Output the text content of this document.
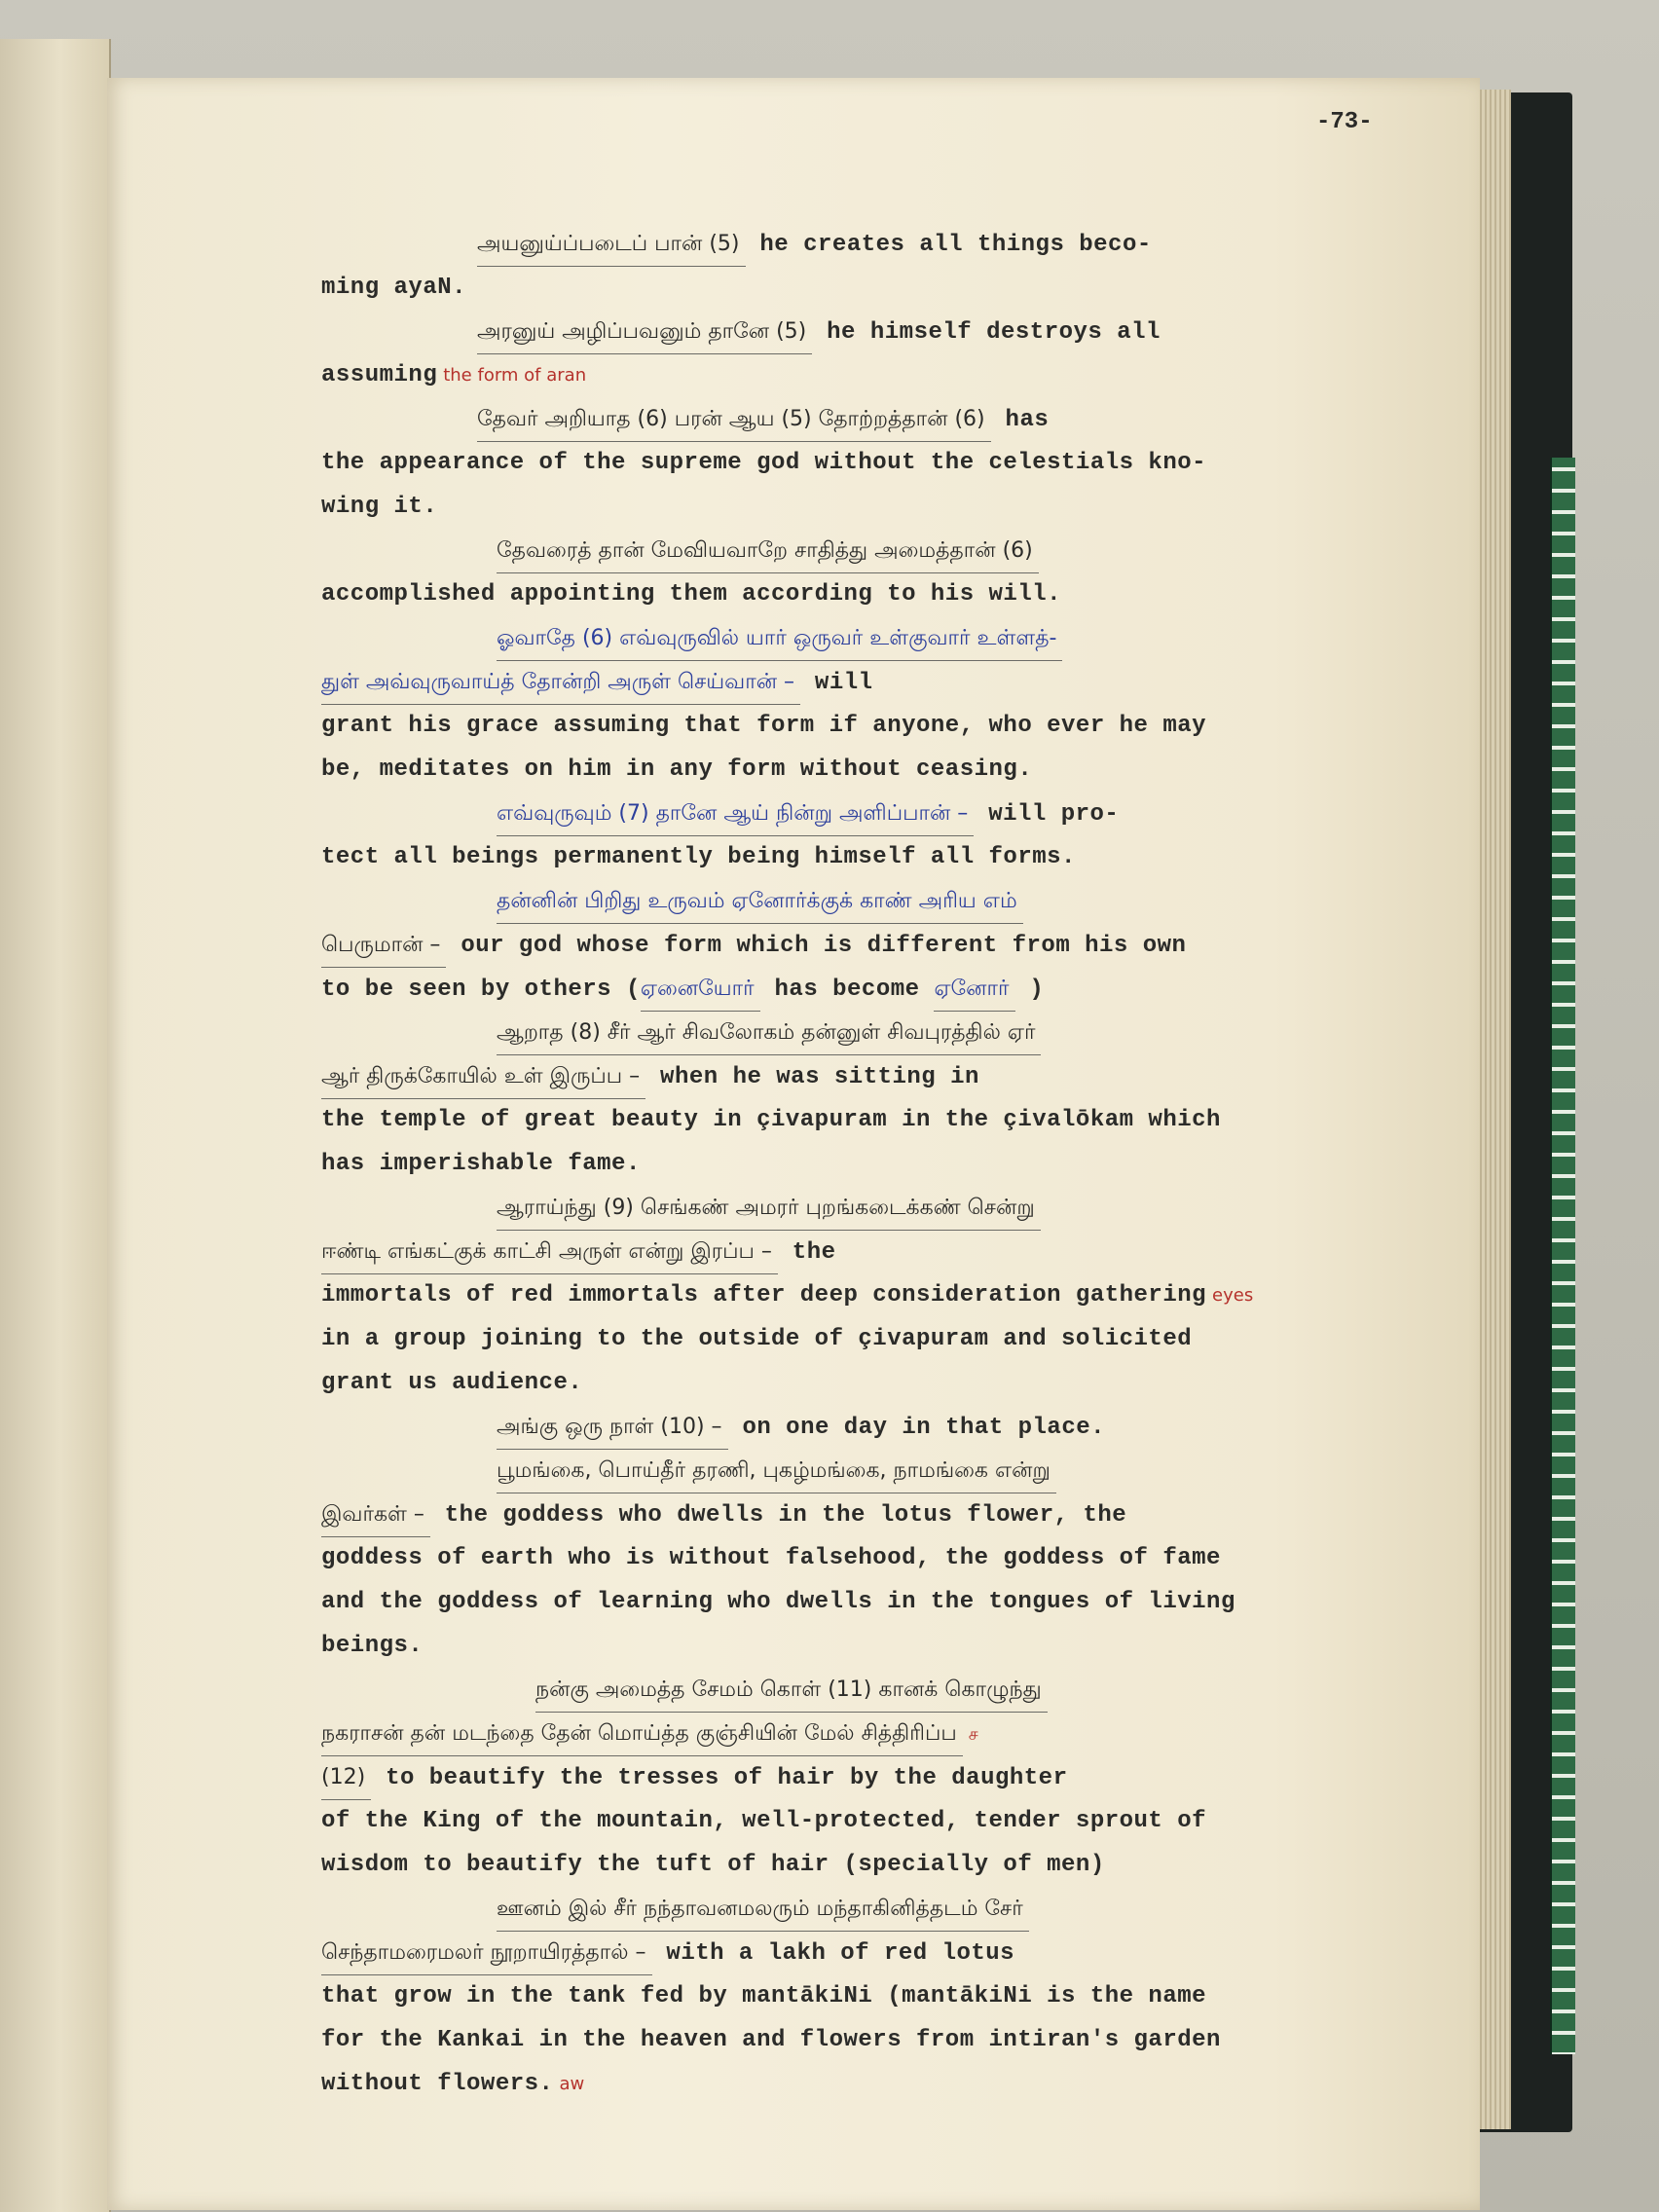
-73-
அயனுய்ப்படைப் பான் (5) he creates all things beco-
ming ayaN.
அரனுய் அழிப்பவனும் தானே (5) he himself destroys all
assuming the form of aran
தேவர் அறியாத (6) பரன் ஆய (5) தோற்றத்தான் (6) has
the appearance of the supreme god without the celestials kno-
wing it.
தேவரைத் தான் மேவியவாறே சாதித்து அமைத்தான் (6)
accomplished appointing them according to his will.
ஓவாதே (6) எவ்வுருவில் யார் ஒருவர் உள்குவார் உள்ளத்-
துள் அவ்வுருவாய்த் தோன்றி அருள் செய்வான் – will
grant his grace assuming that form if anyone, who ever he may
be, meditates on him in any form without ceasing.
எவ்வுருவும் (7) தானே ஆய் நின்று அளிப்பான் – will pro-
tect all beings permanently being himself all forms.
தன்னின் பிறிது உருவம் ஏனோர்க்குக் காண் அரிய எம்
பெருமான் – our god whose form which is different from his own
to be seen by others (ஏனையோர் has become ஏனோர் )
ஆறாத (8) சீர் ஆர் சிவலோகம் தன்னுள் சிவபுரத்தில் ஏர்
ஆர் திருக்கோயில் உள் இருப்ப – when he was sitting in
the temple of great beauty in çivapuram in the çivalōkam which
has imperishable fame.
ஆராய்ந்து (9) செங்கண் அமரர் புறங்கடைக்கண் சென்று
ஈண்டி எங்கட்குக் காட்சி அருள் என்று இரப்ப – the
immortals of red immortals after deep consideration gathering eyes
in a group joining to the outside of çivapuram and solicited
grant us audience.
அங்கு ஒரு நாள் (10) – on one day in that place.
பூமங்கை, பொய்தீர் தரணி, புகழ்மங்கை, நாமங்கை என்று
இவர்கள் – the goddess who dwells in the lotus flower, the
goddess of earth who is without falsehood, the goddess of fame
and the goddess of learning who dwells in the tongues of living
beings.
நன்கு அமைத்த சேமம் கொள் (11) கானக் கொழுந்து
நகராசன் தன் மடந்தை தேன் மொய்த்த குஞ்சியின் மேல் சித்திரிப்ப ச
(12) to beautify the tresses of hair by the daughter
of the King of the mountain, well-protected, tender sprout of
wisdom to beautify the tuft of hair (specially of men)
ஊனம் இல் சீர் நந்தாவனமலரும் மந்தாகினித்தடம் சேர்
செந்தாமரைமலர் நூறாயிரத்தால் – with a lakh of red lotus
that grow in the tank fed by mantākiNi (mantākiNi is the name
for the Kankai in the heaven and flowers from intiran's garden
without flowers. aw
